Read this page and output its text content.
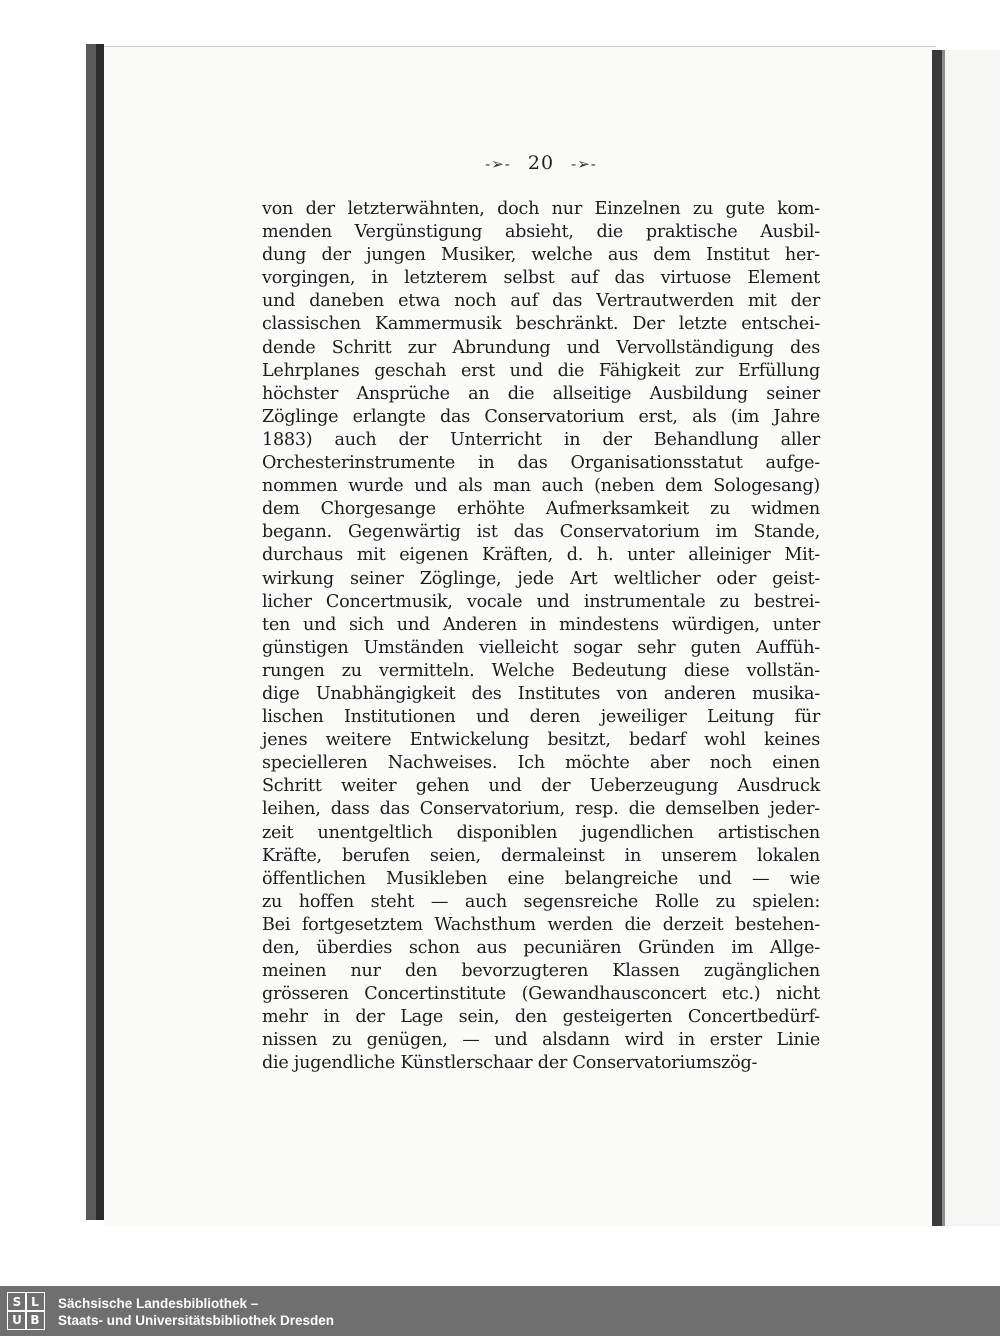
-➢- 20 -➢-
von der letzterwähnten, doch nur Einzelnen zu gute kom-
menden Vergünstigung absieht, die praktische Ausbil-
dung der jungen Musiker, welche aus dem Institut her-
vorgingen, in letzterem selbst auf das virtuose Element
und daneben etwa noch auf das Vertrautwerden mit der
classischen Kammermusik beschränkt. Der letzte entschei-
dende Schritt zur Abrundung und Vervollständigung des
Lehrplanes geschah erst und die Fähigkeit zur Erfüllung
höchster Ansprüche an die allseitige Ausbildung seiner
Zöglinge erlangte das Conservatorium erst, als (im Jahre
1883) auch der Unterricht in der Behandlung aller
Orchesterinstrumente in das Organisationsstatut aufge-
nommen wurde und als man auch (neben dem Sologesang)
dem Chorgesange erhöhte Aufmerksamkeit zu widmen
begann. Gegenwärtig ist das Conservatorium im Stande,
durchaus mit eigenen Kräften, d. h. unter alleiniger Mit-
wirkung seiner Zöglinge, jede Art weltlicher oder geist-
licher Concertmusik, vocale und instrumentale zu bestrei-
ten und sich und Anderen in mindestens würdigen, unter
günstigen Umständen vielleicht sogar sehr guten Auffüh-
rungen zu vermitteln. Welche Bedeutung diese vollstän-
dige Unabhängigkeit des Institutes von anderen musika-
lischen Institutionen und deren jeweiliger Leitung für
jenes weitere Entwickelung besitzt, bedarf wohl keines
specielleren Nachweises. Ich möchte aber noch einen
Schritt weiter gehen und der Ueberzeugung Ausdruck
leihen, dass das Conservatorium, resp. die demselben jeder-
zeit unentgeltlich disponiblen jugendlichen artistischen
Kräfte, berufen seien, dermaleinst in unserem lokalen
öffentlichen Musikleben eine belangreiche und — wie
zu hoffen steht — auch segensreiche Rolle zu spielen:
Bei fortgesetztem Wachsthum werden die derzeit bestehen-
den, überdies schon aus pecuniären Gründen im Allge-
meinen nur den bevorzugteren Klassen zugänglichen
grösseren Concertinstitute (Gewandhausconcert etc.) nicht
mehr in der Lage sein, den gesteigerten Concertbedürf-
nissen zu genügen, — und alsdann wird in erster Linie
die jugendliche Künstlerschaar der Conservatoriumszög-
S L
U B
Sächsische Landesbibliothek –
Staats- und Universitätsbibliothek Dresden
